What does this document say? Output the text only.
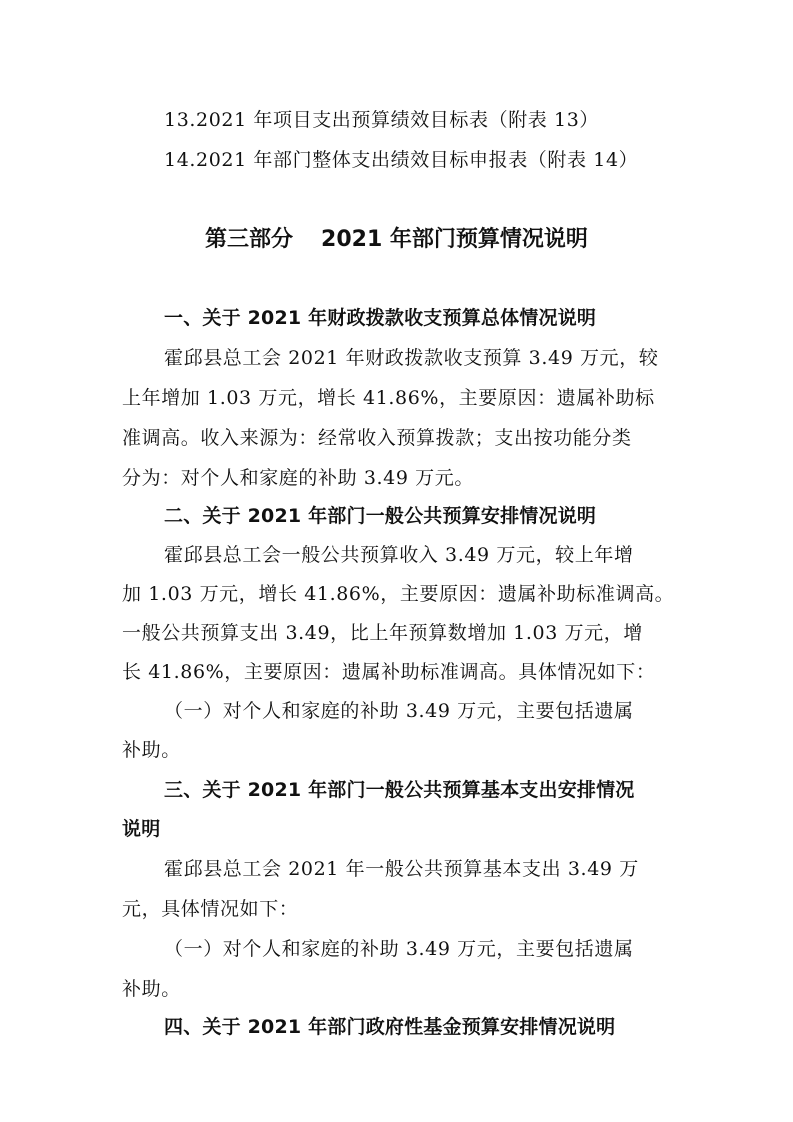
13.2021 年项目支出预算绩效目标表（附表 13）
14.2021 年部门整体支出绩效目标申报表（附表 14）
第三部分 2021 年部门预算情况说明
一、关于 2021 年财政拨款收支预算总体情况说明
霍邱县总工会 2021 年财政拨款收支预算 3.49 万元，较
上年增加 1.03 万元，增长 41.86%，主要原因：遗属补助标
准调高。收入来源为：经常收入预算拨款；支出按功能分类
分为：对个人和家庭的补助 3.49 万元。
二、关于 2021 年部门一般公共预算安排情况说明
霍邱县总工会一般公共预算收入 3.49 万元，较上年增
加 1.03 万元，增长 41.86%，主要原因：遗属补助标准调高。
一般公共预算支出 3.49，比上年预算数增加 1.03 万元，增
长 41.86%，主要原因：遗属补助标准调高。具体情况如下：
（一）对个人和家庭的补助 3.49 万元，主要包括遗属
补助。
三、关于 2021 年部门一般公共预算基本支出安排情况
说明
霍邱县总工会 2021 年一般公共预算基本支出 3.49 万
元，具体情况如下：
（一）对个人和家庭的补助 3.49 万元，主要包括遗属
补助。
四、关于 2021 年部门政府性基金预算安排情况说明
